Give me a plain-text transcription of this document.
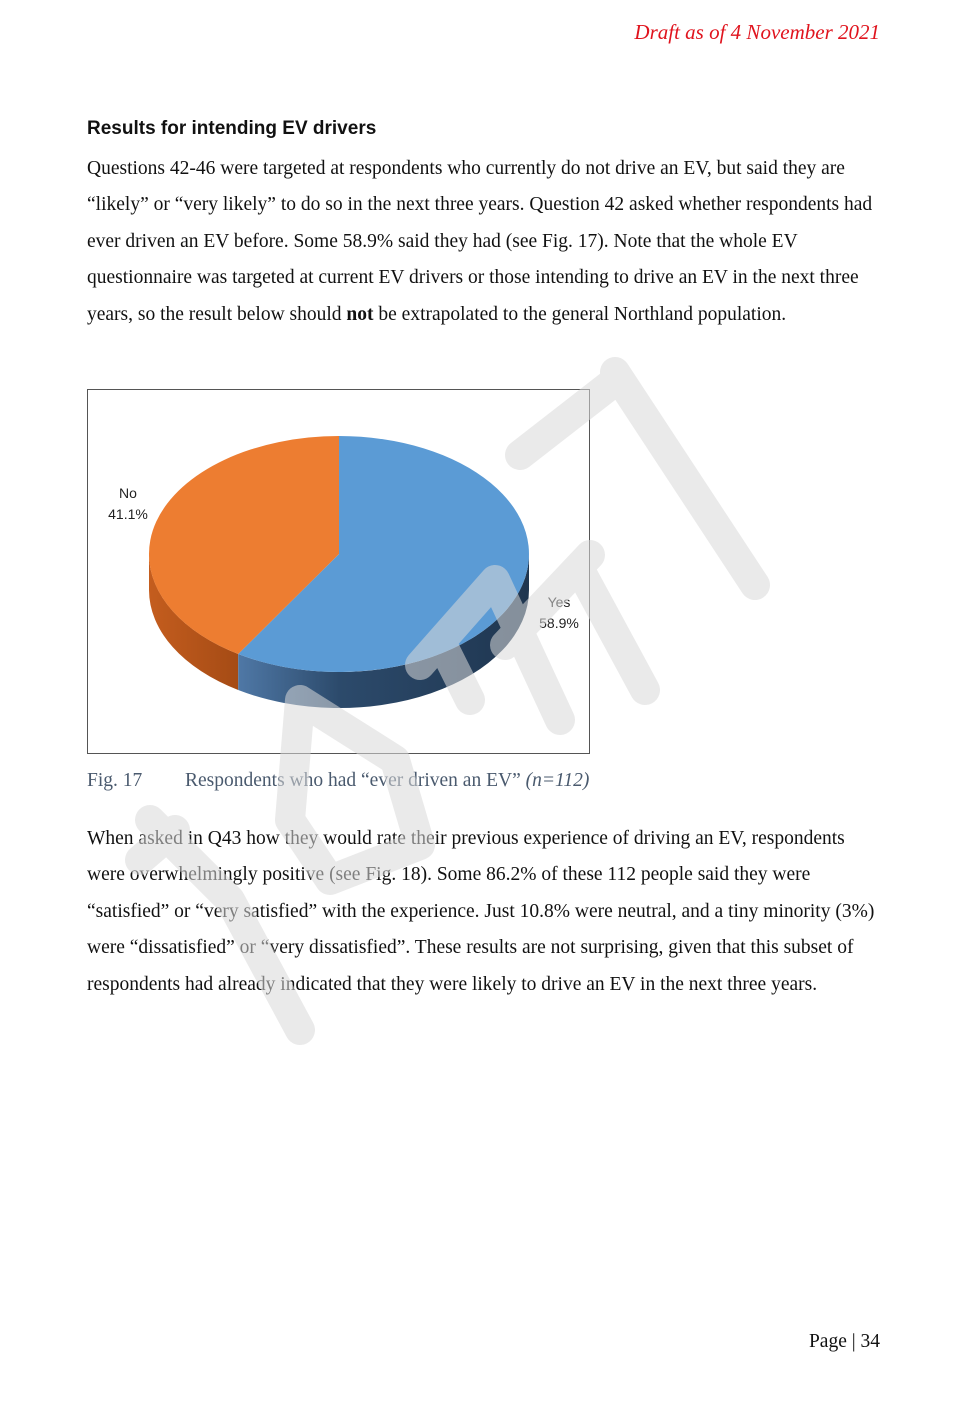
Draft as of 4 November 2021
Results for intending EV drivers

Questions 42-46 were targeted at respondents who currently do not drive an EV, but said they are “likely” or “very likely” to do so in the next three years. Question 42 asked whether respondents had ever driven an EV before. Some 58.9% said they had (see Fig. 17). Note that the whole EV questionnaire was targeted at current EV drivers or those intending to drive an EV in the next three years, so the result below should not be extrapolated to the general Northland population.

No
41.1%
Yes
58.9%
Fig. 17 Respondents who had “ever driven an EV” (n=112)

When asked in Q43 how they would rate their previous experience of driving an EV, respondents were overwhelmingly positive (see Fig. 18). Some 86.2% of these 112 people said they were “satisfied” or “very satisfied” with the experience. Just 10.8% were neutral, and a tiny minority (3%) were “dissatisfied” or “very dissatisfied”. These results are not surprising, given that this subset of respondents had already indicated that they were likely to drive an EV in the next three years.

Page | 34
